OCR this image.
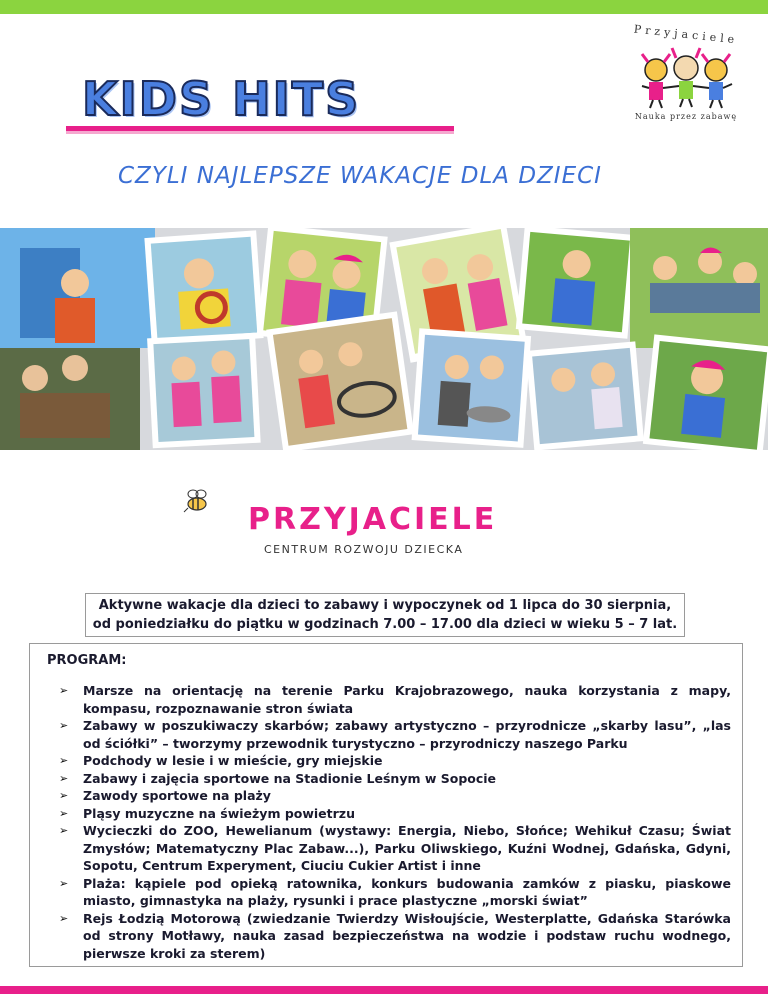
KIDS HITS
CZYLI NAJLEPSZE WAKACJE DLA DZIECI
Przyjaciele
Nauka przez zabawę
PRZYJACIELE
CENTRUM ROZWOJU DZIECKA
Aktywne wakacje dla dzieci to zabawy i wypoczynek od 1 lipca do 30 sierpnia,
od poniedziałku do piątku w godzinach 7.00 – 17.00 dla dzieci w wieku 5 – 7 lat.
PROGRAM:
➢ Marsze na orientację na terenie Parku Krajobrazowego, nauka korzystania z mapy, kompasu, rozpoznawanie stron świata
➢ Zabawy w poszukiwaczy skarbów; zabawy artystyczno – przyrodnicze „skarby lasu”, „las od ściółki” – tworzymy przewodnik turystyczno – przyrodniczy naszego Parku
➢ Podchody w lesie i w mieście, gry miejskie
➢ Zabawy i zajęcia sportowe na Stadionie Leśnym w Sopocie
➢ Zawody sportowe na plaży
➢ Pląsy muzyczne na świeżym powietrzu
➢ Wycieczki do ZOO, Hewelianum (wystawy: Energia, Niebo, Słońce; Wehikuł Czasu; Świat Zmysłów; Matematyczny Plac Zabaw...), Parku Oliwskiego, Kuźni Wodnej, Gdańska, Gdyni, Sopotu, Centrum Experyment, Ciuciu Cukier Artist i inne
➢ Plaża: kąpiele pod opieką ratownika, konkurs budowania zamków z piasku, piaskowe miasto, gimnastyka na plaży, rysunki i prace plastyczne „morski świat”
➢ Rejs Łodzią Motorową (zwiedzanie Twierdzy Wisłoujście, Westerplatte, Gdańska Starówka od strony Motławy, nauka zasad bezpieczeństwa na wodzie i podstaw ruchu wodnego, pierwsze kroki za sterem)
